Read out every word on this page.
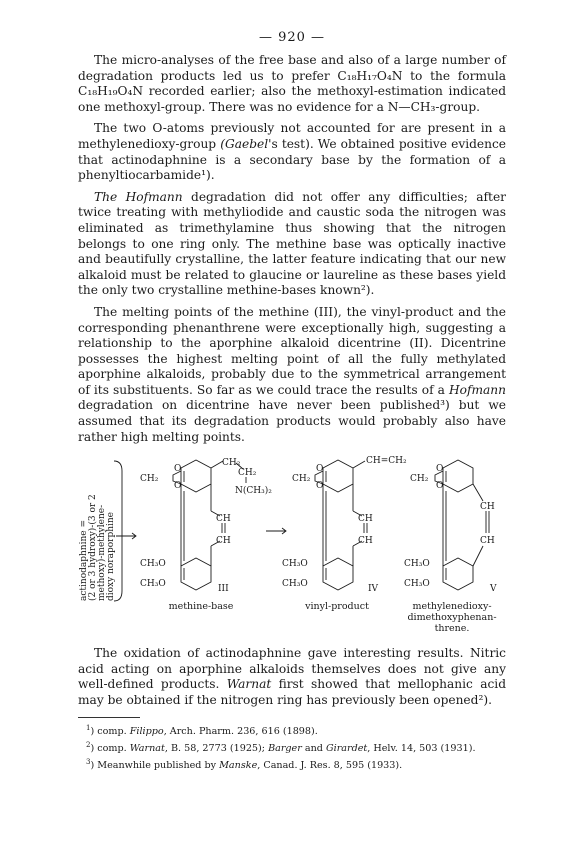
— 920 —

The micro-analyses of the free base and also of a large number of degradation products led us to prefer C₁₈H₁₇O₄N to the formula C₁₈H₁₉O₄N recorded earlier; also the methoxyl-estimation indicated one methoxyl-group. There was no evidence for a N—CH₃-group.

The two O-atoms previously not accounted for are present in a methylenedioxy-group (Gaebel's test). We obtained positive evidence that actinodaphnine is a secondary base by the formation of a phenyltiocarbamide¹).

The Hofmann degradation did not offer any difficulties; after twice treating with methyliodide and caustic soda the nitrogen was eliminated as trimethylamine thus showing that the nitrogen belongs to one ring only. The methine base was optically inactive and beautifully crystalline, the latter feature indicating that our new alkaloid must be related to glaucine or laureline as these bases yield the only two crystalline methine-bases known²).

The melting points of the methine (III), the vinyl-product and the corresponding phenanthrene were exceptionally high, suggesting a relationship to the aporphine alkaloid dicentrine (II). Dicentrine possesses the highest melting point of all the fully methylated aporphine alkaloids, probably due to the symmetrical arrangement of its substituents. So far as we could trace the results of a Hofmann degradation on dicentrine have never been published³) but we assumed that its degradation products would probably also have rather high melting points.

actinodaphnine = (2 or 3 hydroxy)-(3 or 2 methoxy)-methylene- dioxy noraporphine
CH₂
O
O
CH₂
CH₂
N(CH₃)₂
CH
CH
CH₃O
CH₃O	III
CH₂
O
O
CH=CH₂
CH
CH
CH₃O
CH₃O	IV
CH₂
O
O
CH
CH
CH₃O
CH₃O	V
methine-base	vinyl-product	methylenedioxy-
dimethoxyphenan-
threne.

The oxidation of actinodaphnine gave interesting results. Nitric acid acting on aporphine alkaloids themselves does not give any well-defined products. Warnat first showed that mellophanic acid may be obtained if the nitrogen ring has previously been opened²).

$^1$) comp. Filippo, Arch. Pharm. 236, 616 (1898).

$^2$) comp. Warnat, B. 58, 2773 (1925); Barger and Girardet, Helv. 14, 503 (1931).

$^3$) Meanwhile published by Manske, Canad. J. Res. 8, 595 (1933).
